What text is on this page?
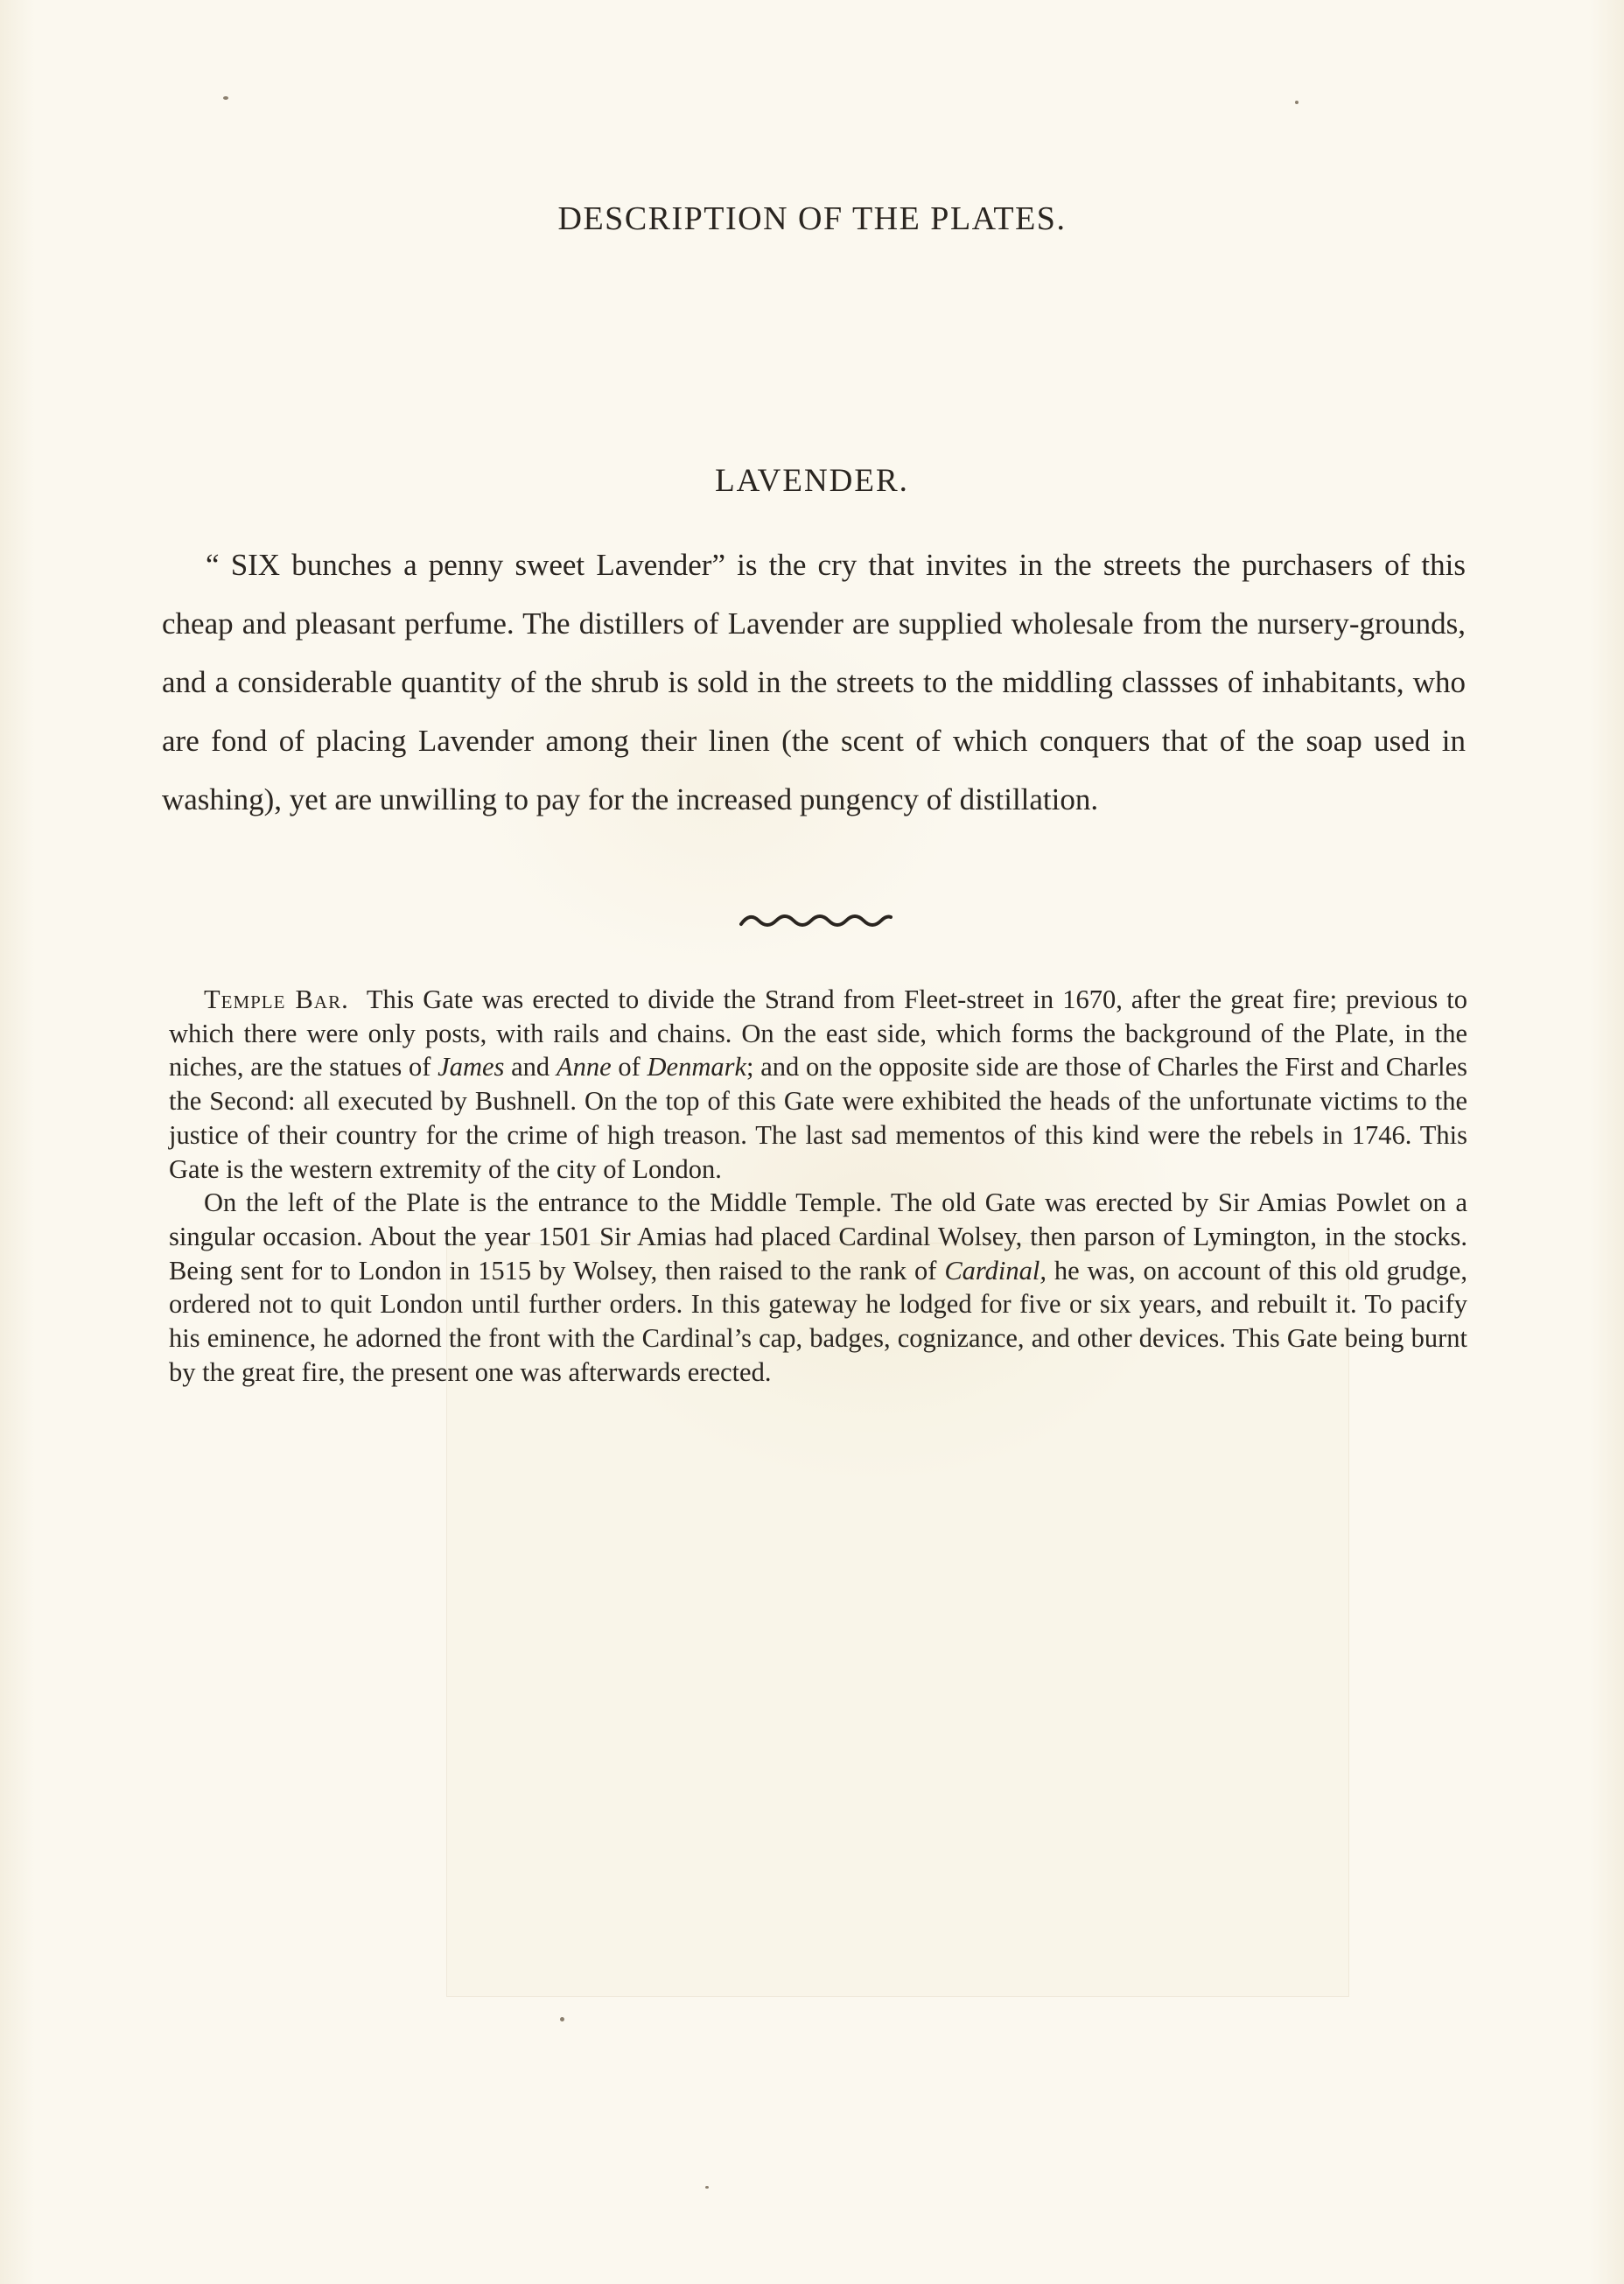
DESCRIPTION OF THE PLATES.
LAVENDER.

“ SIX bunches a penny sweet Lavender” is the cry that invites in the streets the purchasers of this cheap and pleasant perfume. The distillers of Lavender are supplied wholesale from the nursery-grounds, and a considerable quantity of the shrub is sold in the streets to the middling classses of inhabitants, who are fond of placing Lavender among their linen (the scent of which conquers that of the soap used in washing), yet are unwilling to pay for the increased pungency of distillation.

Temple Bar. This Gate was erected to divide the Strand from Fleet-street in 1670, after the great fire; previous to which there were only posts, with rails and chains. On the east side, which forms the background of the Plate, in the niches, are the statues of James and Anne of Denmark; and on the opposite side are those of Charles the First and Charles the Second: all executed by Bushnell. On the top of this Gate were exhibited the heads of the unfortunate victims to the justice of their country for the crime of high treason. The last sad mementos of this kind were the rebels in 1746. This Gate is the western extremity of the city of London.

On the left of the Plate is the entrance to the Middle Temple. The old Gate was erected by Sir Amias Powlet on a singular occasion. About the year 1501 Sir Amias had placed Cardinal Wolsey, then parson of Lymington, in the stocks. Being sent for to London in 1515 by Wolsey, then raised to the rank of Cardinal, he was, on account of this old grudge, ordered not to quit London until further orders. In this gateway he lodged for five or six years, and rebuilt it. To pacify his eminence, he adorned the front with the Cardinal’s cap, badges, cognizance, and other devices. This Gate being burnt by the great fire, the present one was afterwards erected.
